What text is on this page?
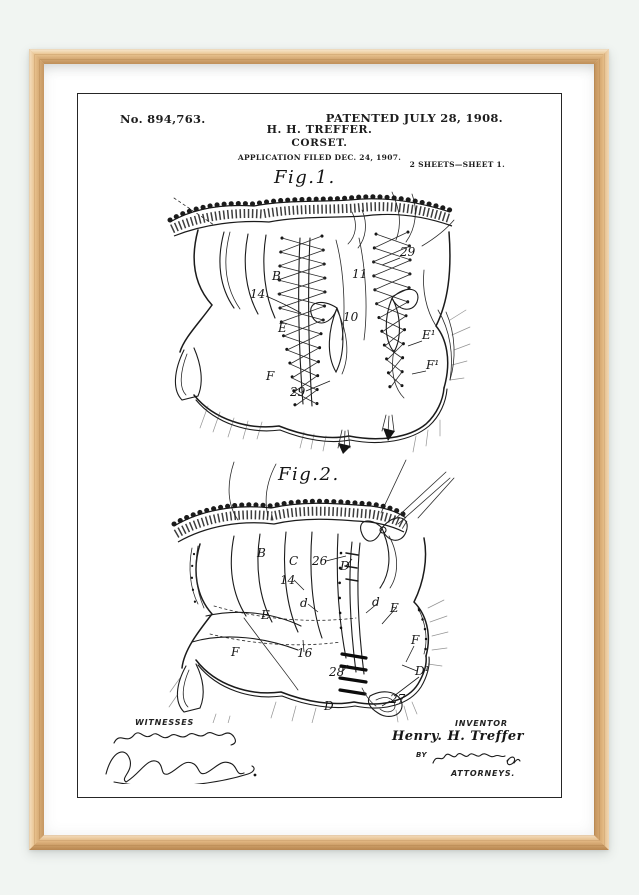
No. 894,763.	PATENTED JULY 28, 1908.
H. H. TREFFER.
CORSET.
APPLICATION FILED DEC. 24, 1907.
2 SHEETS—SHEET 1.
Fig.1.
B
14
E
F
29
11
10
29
E¹
F¹
Fig.2.
B
C 26 D
14
d	d
E	E
F	16
F
28	D¹
D	27
WITNESSES	INVENTOR
Henry. H. Treffer
BY
ATTORNEYS.
